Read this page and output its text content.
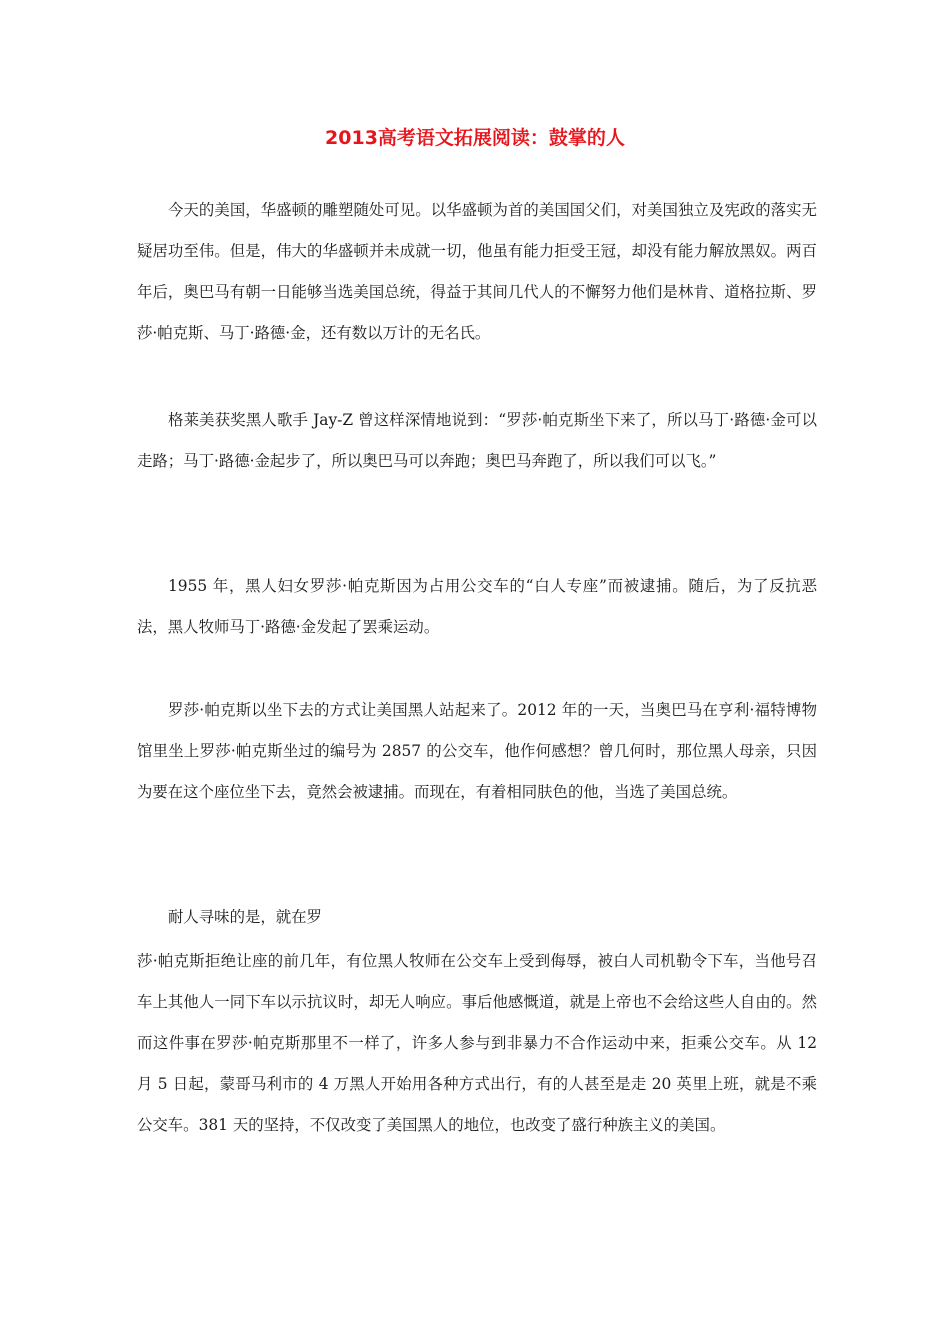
2013高考语文拓展阅读：鼓掌的人

今天的美国，华盛顿的雕塑随处可见。以华盛顿为首的美国国父们，对美国独立及宪政的落实无疑居功至伟。但是，伟大的华盛顿并未成就一切，他虽有能力拒受王冠，却没有能力解放黑奴。两百年后，奥巴马有朝一日能够当选美国总统，得益于其间几代人的不懈努力他们是林肯、道格拉斯、罗莎·帕克斯、马丁·路德·金，还有数以万计的无名氏。

格莱美获奖黑人歌手 Jay-Z 曾这样深情地说到：“罗莎·帕克斯坐下来了，所以马丁·路德·金可以走路；马丁·路德·金起步了，所以奥巴马可以奔跑；奥巴马奔跑了，所以我们可以飞。”

1955 年，黑人妇女罗莎·帕克斯因为占用公交车的“白人专座”而被逮捕。随后，为了反抗恶法，黑人牧师马丁·路德·金发起了罢乘运动。

罗莎·帕克斯以坐下去的方式让美国黑人站起来了。2012 年的一天，当奥巴马在亨利·福特博物馆里坐上罗莎·帕克斯坐过的编号为 2857 的公交车，他作何感想？曾几何时，那位黑人母亲，只因为要在这个座位坐下去，竟然会被逮捕。而现在，有着相同肤色的他，当选了美国总统。

耐人寻味的是，就在罗

莎·帕克斯拒绝让座的前几年，有位黑人牧师在公交车上受到侮辱，被白人司机勒令下车，当他号召车上其他人一同下车以示抗议时，却无人响应。事后他感慨道，就是上帝也不会给这些人自由的。然而这件事在罗莎·帕克斯那里不一样了，许多人参与到非暴力不合作运动中来，拒乘公交车。从 12 月 5 日起，蒙哥马利市的 4 万黑人开始用各种方式出行，有的人甚至是走 20 英里上班，就是不乘公交车。381 天的坚持，不仅改变了美国黑人的地位，也改变了盛行种族主义的美国。
